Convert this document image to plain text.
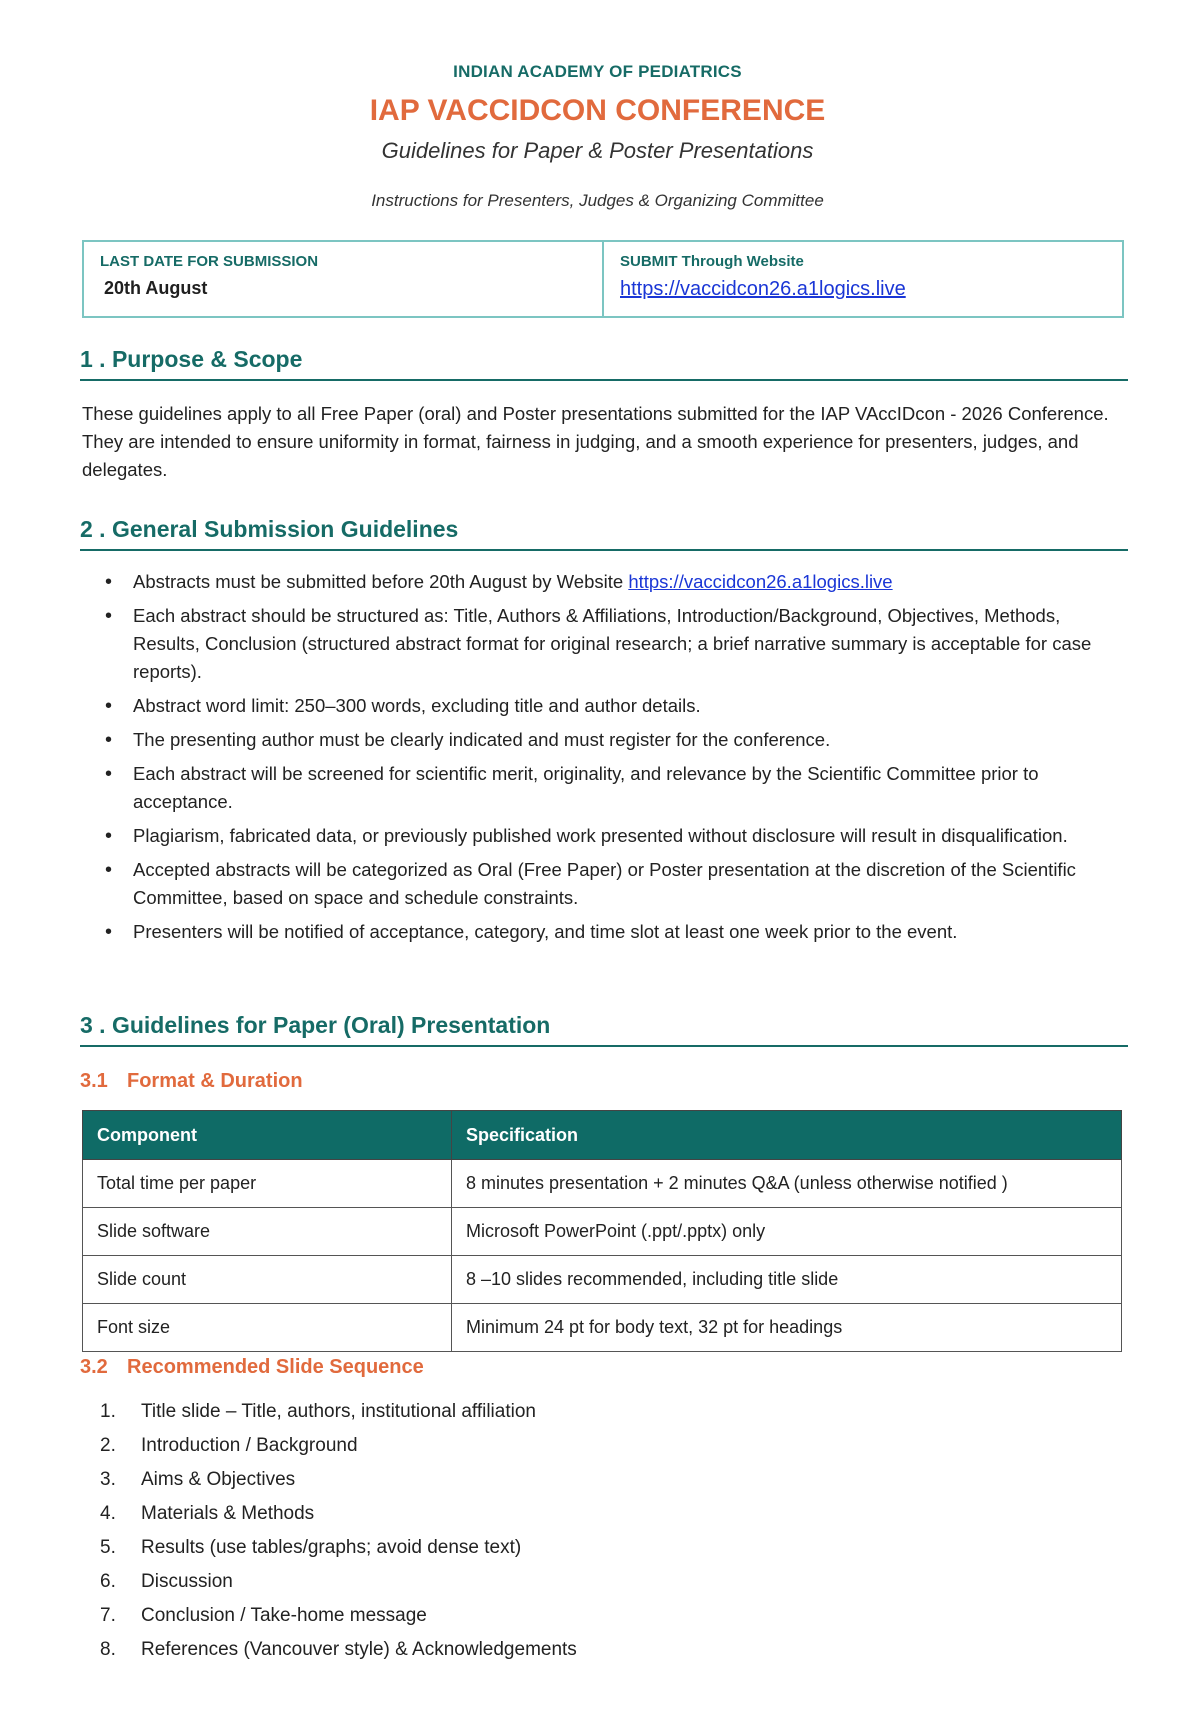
INDIAN ACADEMY OF PEDIATRICS
IAP VACCIDCON CONFERENCE
Guidelines for Paper & Poster Presentations
Instructions for Presenters, Judges & Organizing Committee
LAST DATE FOR SUBMISSION
20th August
SUBMIT Through Website
https://vaccidcon26.a1logics.live
1 . Purpose & Scope
These guidelines apply to all Free Paper (oral) and Poster presentations submitted for the IAP VAccIDcon - 2026 Conference. They are intended to ensure uniformity in format, fairness in judging, and a smooth experience for presenters, judges, and delegates.
2 . General Submission Guidelines
• Abstracts must be submitted before 20th August by Website https://vaccidcon26.a1logics.live
• Each abstract should be structured as: Title, Authors & Affiliations, Introduction/Background, Objectives, Methods, Results, Conclusion (structured abstract format for original research; a brief narrative summary is acceptable for case reports).
• Abstract word limit: 250–300 words, excluding title and author details.
• The presenting author must be clearly indicated and must register for the conference.
• Each abstract will be screened for scientific merit, originality, and relevance by the Scientific Committee prior to acceptance.
• Plagiarism, fabricated data, or previously published work presented without disclosure will result in disqualification.
• Accepted abstracts will be categorized as Oral (Free Paper) or Poster presentation at the discretion of the Scientific Committee, based on space and schedule constraints.
• Presenters will be notified of acceptance, category, and time slot at least one week prior to the event.
3 . Guidelines for Paper (Oral) Presentation
3.1 Format & Duration
Component	Specification
Total time per paper	8 minutes presentation + 2 minutes Q&A (unless otherwise notified )
Slide software	Microsoft PowerPoint (.ppt/.pptx) only
Slide count	8 –10 slides recommended, including title slide
Font size	Minimum 24 pt for body text, 32 pt for headings
3.2 Recommended Slide Sequence
1. Title slide – Title, authors, institutional affiliation
2. Introduction / Background
3. Aims & Objectives
4. Materials & Methods
5. Results (use tables/graphs; avoid dense text)
6. Discussion
7. Conclusion / Take-home message
8. References (Vancouver style) & Acknowledgements
